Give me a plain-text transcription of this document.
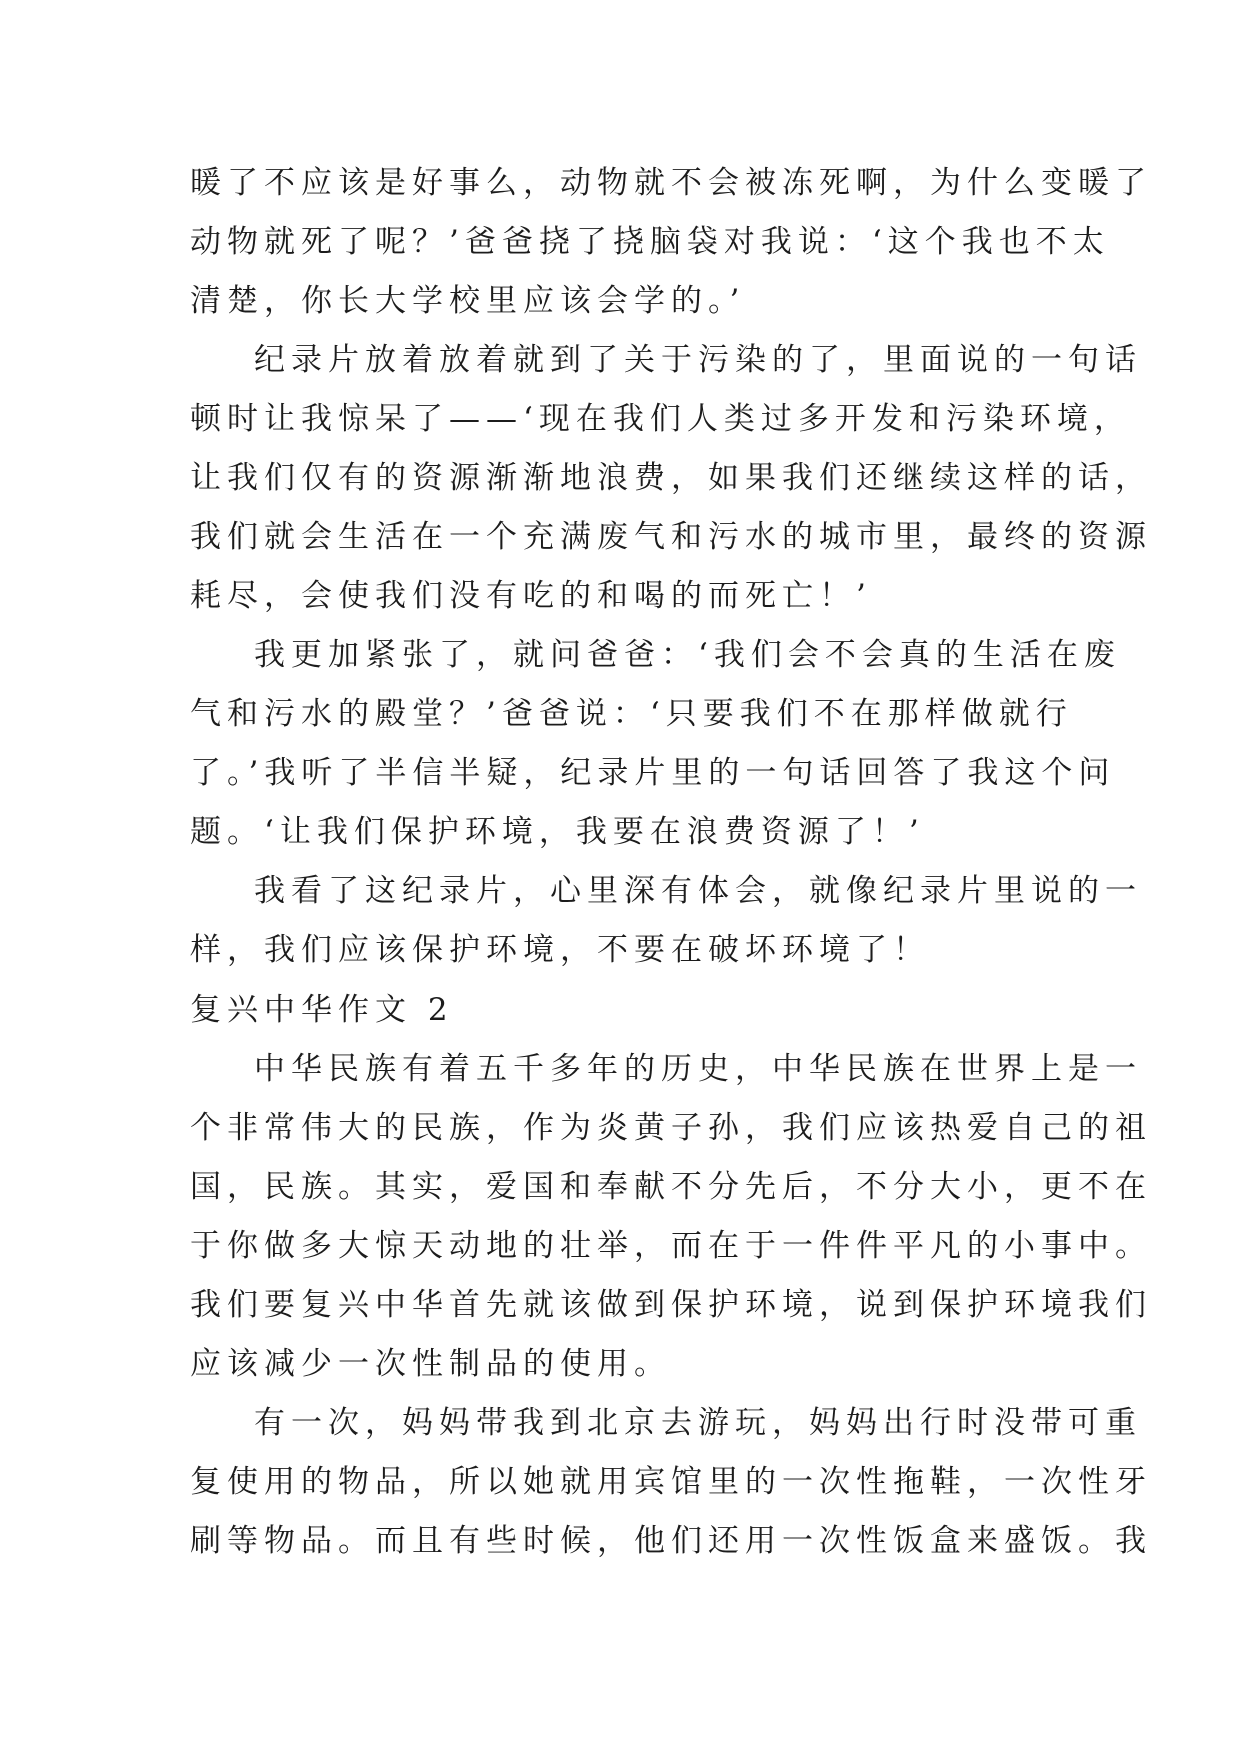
暖了不应该是好事么，动物就不会被冻死啊，为什么变暖了
动物就死了呢？’爸爸挠了挠脑袋对我说：‘这个我也不太
清楚，你长大学校里应该会学的。’
纪录片放着放着就到了关于污染的了，里面说的一句话
顿时让我惊呆了——‘现在我们人类过多开发和污染环境，
让我们仅有的资源渐渐地浪费，如果我们还继续这样的话，
我们就会生活在一个充满废气和污水的城市里，最终的资源
耗尽，会使我们没有吃的和喝的而死亡！’
我更加紧张了，就问爸爸：‘我们会不会真的生活在废
气和污水的殿堂？’爸爸说：‘只要我们不在那样做就行
了。’我听了半信半疑，纪录片里的一句话回答了我这个问
题。‘让我们保护环境，我要在浪费资源了！’
我看了这纪录片，心里深有体会，就像纪录片里说的一
样，我们应该保护环境，不要在破坏环境了！
复兴中华作文 2
中华民族有着五千多年的历史，中华民族在世界上是一
个非常伟大的民族，作为炎黄子孙，我们应该热爱自己的祖
国，民族。其实，爱国和奉献不分先后，不分大小，更不在
于你做多大惊天动地的壮举，而在于一件件平凡的小事中。
我们要复兴中华首先就该做到保护环境，说到保护环境我们
应该减少一次性制品的使用。
有一次，妈妈带我到北京去游玩，妈妈出行时没带可重
复使用的物品，所以她就用宾馆里的一次性拖鞋，一次性牙
刷等物品。而且有些时候，他们还用一次性饭盒来盛饭。我
